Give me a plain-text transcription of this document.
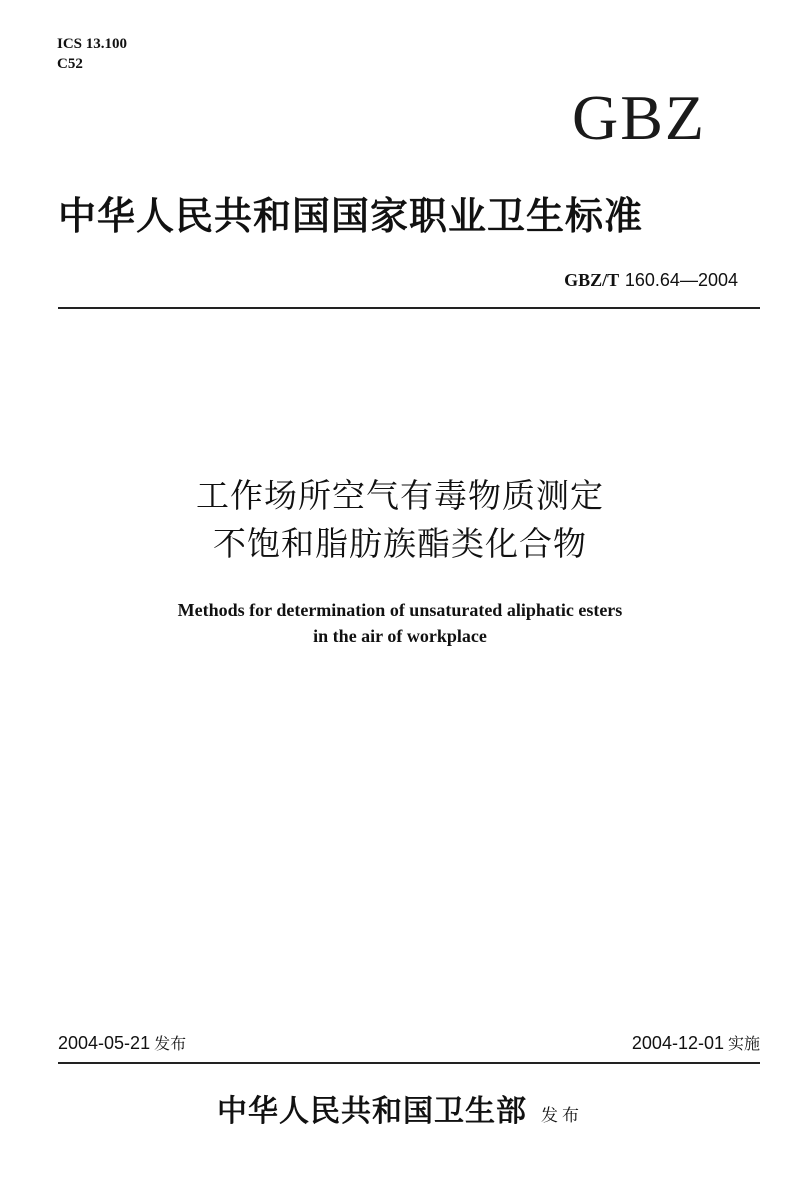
ICS 13.100
C52
GBZ
中华人民共和国国家职业卫生标准
GBZ/T 160.64—2004
工作场所空气有毒物质测定
不饱和脂肪族酯类化合物
Methods for determination of unsaturated aliphatic esters
in the air of workplace
2004-05-21 发布	2004-12-01 实施
中华人民共和国卫生部 发布
